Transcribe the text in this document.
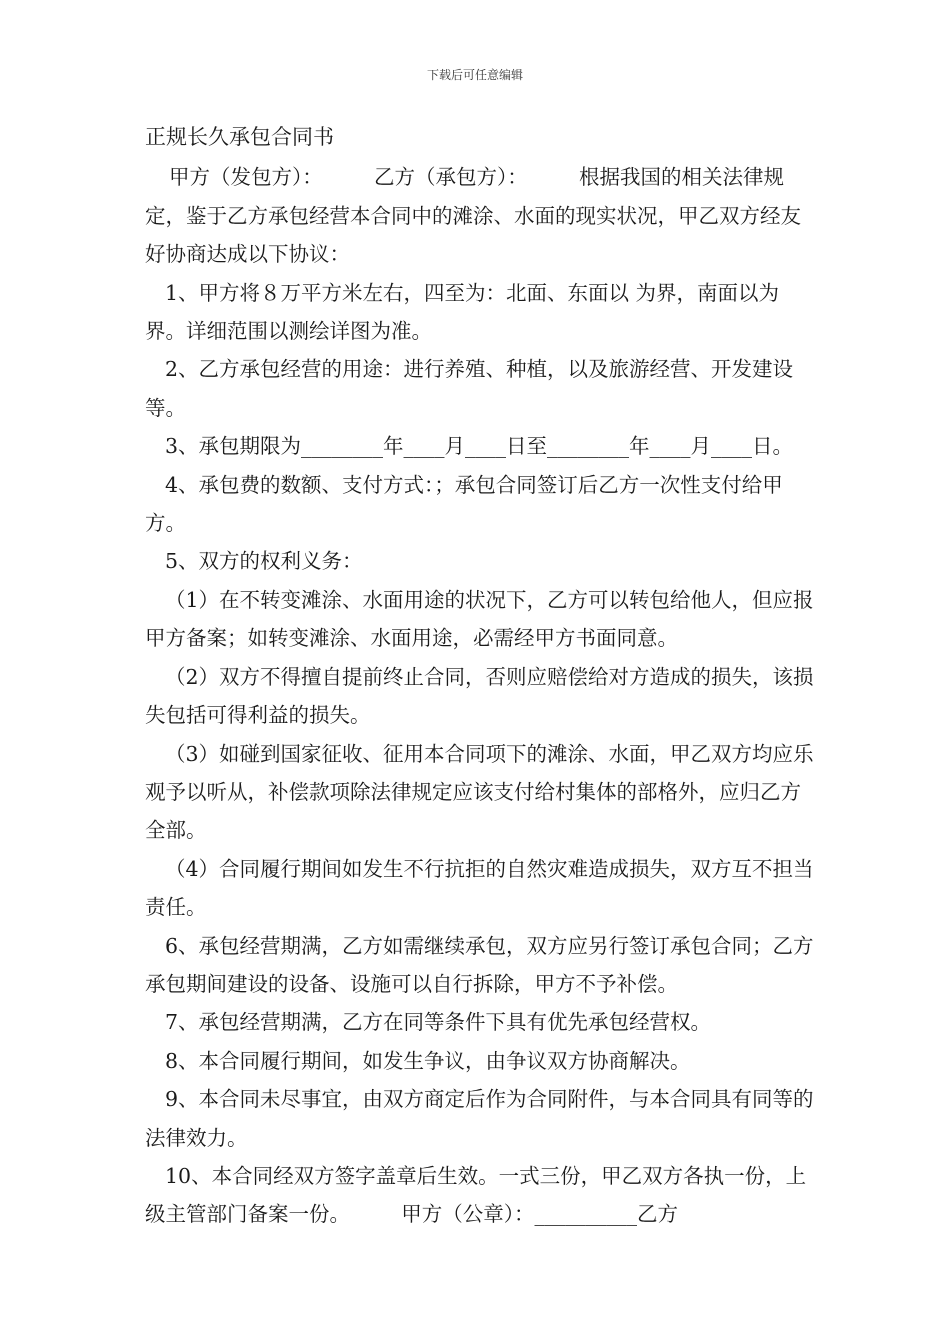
下载后可任意编辑

正规长久承包合同书

甲方（发包方）：　　　乙方（承包方）：　　　根据我国的相关法律规定，鉴于乙方承包经营本合同中的滩涂、水面的现实状况，甲乙双方经友好协商达成以下协议：

1、甲方将８万平方米左右，四至为：北面、东面以 为界，南面以为界。详细范围以测绘详图为准。

2、乙方承包经营的用途：进行养殖、种植，以及旅游经营、开发建设等。

3、承包期限为________年____月____日至________年____月____日。

4、承包费的数额、支付方式：；承包合同签订后乙方一次性支付给甲方。

5、双方的权利义务：

（1）在不转变滩涂、水面用途的状况下，乙方可以转包给他人，但应报甲方备案；如转变滩涂、水面用途，必需经甲方书面同意。

（2）双方不得擅自提前终止合同，否则应赔偿给对方造成的损失，该损失包括可得利益的损失。

（3）如碰到国家征收、征用本合同项下的滩涂、水面，甲乙双方均应乐观予以听从，补偿款项除法律规定应该支付给村集体的部格外，应归乙方全部。

（4）合同履行期间如发生不行抗拒的自然灾难造成损失，双方互不担当责任。

6、承包经营期满，乙方如需继续承包，双方应另行签订承包合同；乙方承包期间建设的设备、设施可以自行拆除，甲方不予补偿。

7、承包经营期满，乙方在同等条件下具有优先承包经营权。

8、本合同履行期间，如发生争议，由争议双方协商解决。

9、本合同未尽事宜，由双方商定后作为合同附件，与本合同具有同等的法律效力。

10、本合同经双方签字盖章后生效。一式三份，甲乙双方各执一份，上级主管部门备案一份。　　　甲方（公章）：__________乙方
